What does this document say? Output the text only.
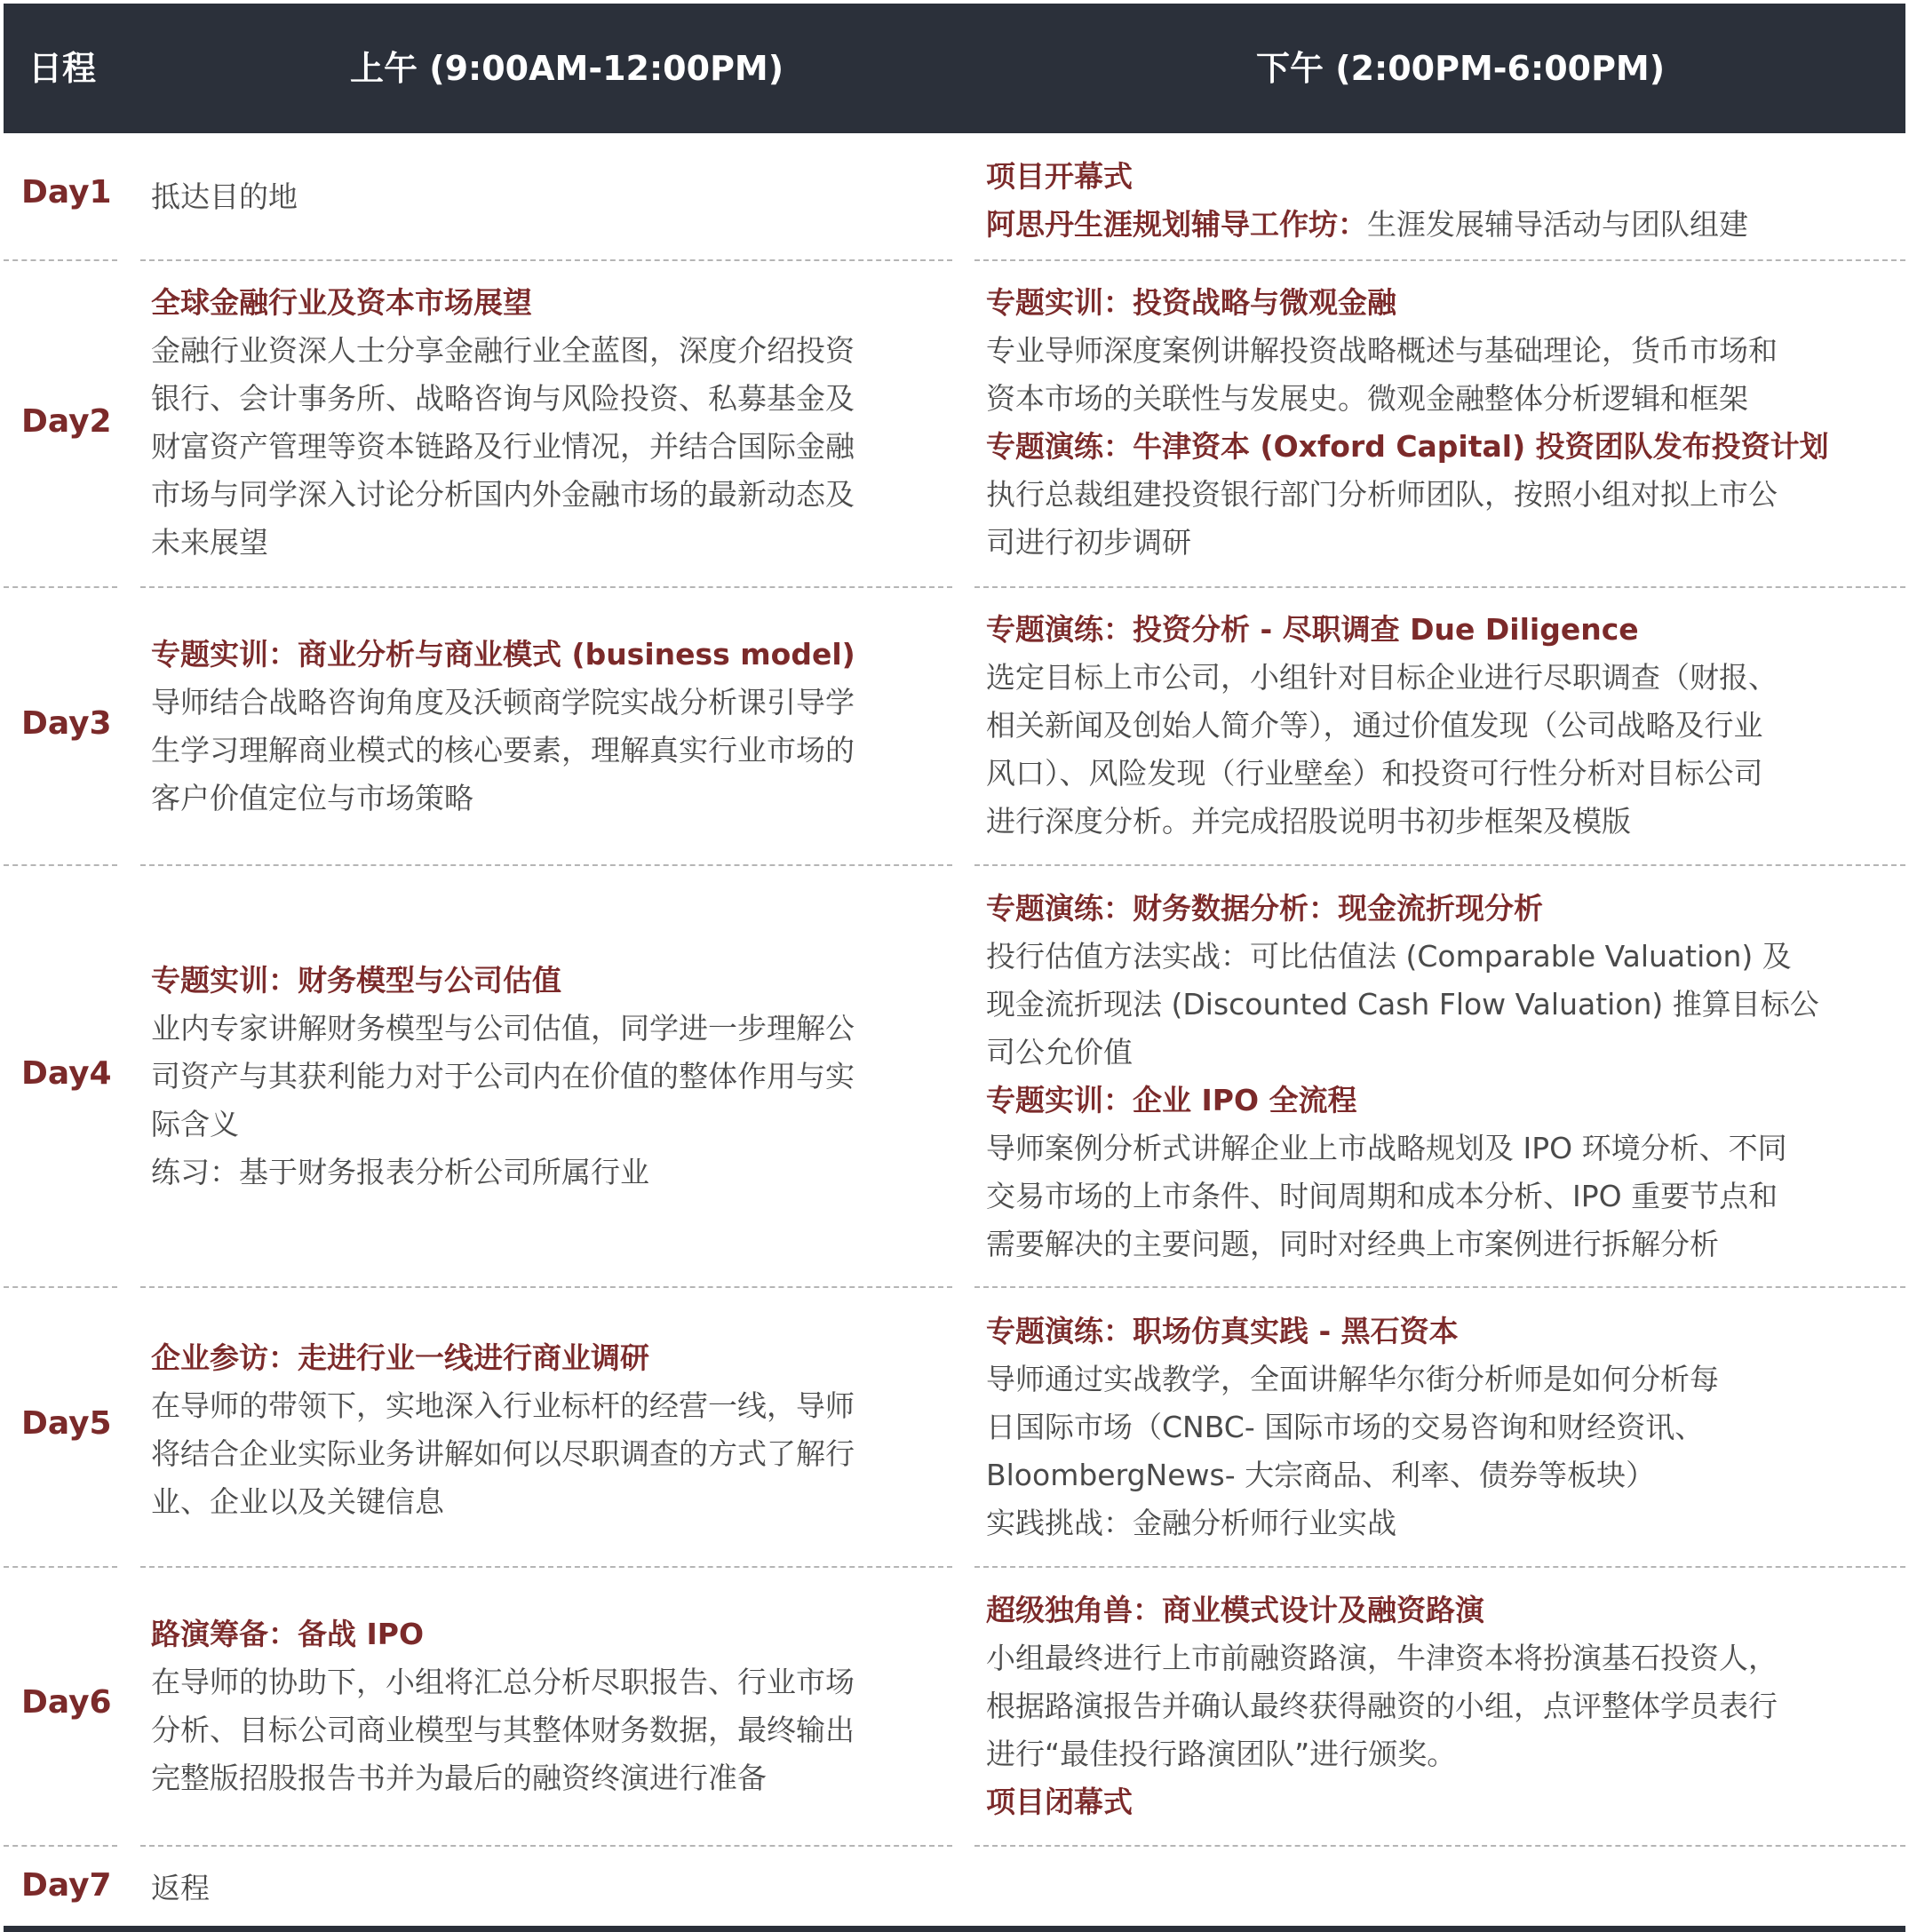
日程	上午 (9:00AM-12:00PM)	下午 (2:00PM-6:00PM)
Day1 抵达目的地
项目开幕式
阿思丹生涯规划辅导工作坊：生涯发展辅导活动与团队组建
Day2
全球金融行业及资本市场展望
金融行业资深人士分享金融行业全蓝图，深度介绍投资
银行、会计事务所、战略咨询与风险投资、私募基金及
财富资产管理等资本链路及行业情况，并结合国际金融
市场与同学深入讨论分析国内外金融市场的最新动态及
未来展望
专题实训：投资战略与微观金融
专业导师深度案例讲解投资战略概述与基础理论，货币市场和
资本市场的关联性与发展史。微观金融整体分析逻辑和框架
专题演练：牛津资本 (Oxford Capital) 投资团队发布投资计划
执行总裁组建投资银行部门分析师团队，按照小组对拟上市公
司进行初步调研
Day3
专题实训：商业分析与商业模式 (business model)
导师结合战略咨询角度及沃顿商学院实战分析课引导学
生学习理解商业模式的核心要素，理解真实行业市场的
客户价值定位与市场策略
专题演练：投资分析 - 尽职调查 Due Diligence
选定目标上市公司，小组针对目标企业进行尽职调查（财报、
相关新闻及创始人简介等），通过价值发现（公司战略及行业
风口）、风险发现（行业壁垒）和投资可行性分析对目标公司
进行深度分析。并完成招股说明书初步框架及模版
Day4
专题实训：财务模型与公司估值
业内专家讲解财务模型与公司估值，同学进一步理解公
司资产与其获利能力对于公司内在价值的整体作用与实
际含义
练习：基于财务报表分析公司所属行业
专题演练：财务数据分析：现金流折现分析
投行估值方法实战：可比估值法 (Comparable Valuation) 及
现金流折现法 (Discounted Cash Flow Valuation) 推算目标公
司公允价值
专题实训：企业 IPO 全流程
导师案例分析式讲解企业上市战略规划及 IPO 环境分析、不同
交易市场的上市条件、时间周期和成本分析、IPO 重要节点和
需要解决的主要问题，同时对经典上市案例进行拆解分析
Day5
企业参访：走进行业一线进行商业调研
在导师的带领下，实地深入行业标杆的经营一线，导师
将结合企业实际业务讲解如何以尽职调查的方式了解行
业、企业以及关键信息
专题演练：职场仿真实践 - 黑石资本
导师通过实战教学，全面讲解华尔街分析师是如何分析每
日国际市场（CNBC- 国际市场的交易咨询和财经资讯、
BloombergNews- 大宗商品、利率、债券等板块）
实践挑战：金融分析师行业实战
Day6
路演筹备：备战 IPO
在导师的协助下，小组将汇总分析尽职报告、行业市场
分析、目标公司商业模型与其整体财务数据，最终输出
完整版招股报告书并为最后的融资终演进行准备
超级独角兽：商业模式设计及融资路演
小组最终进行上市前融资路演，牛津资本将扮演基石投资人，
根据路演报告并确认最终获得融资的小组，点评整体学员表行
进行“最佳投行路演团队”进行颁奖。
项目闭幕式
Day7 返程
